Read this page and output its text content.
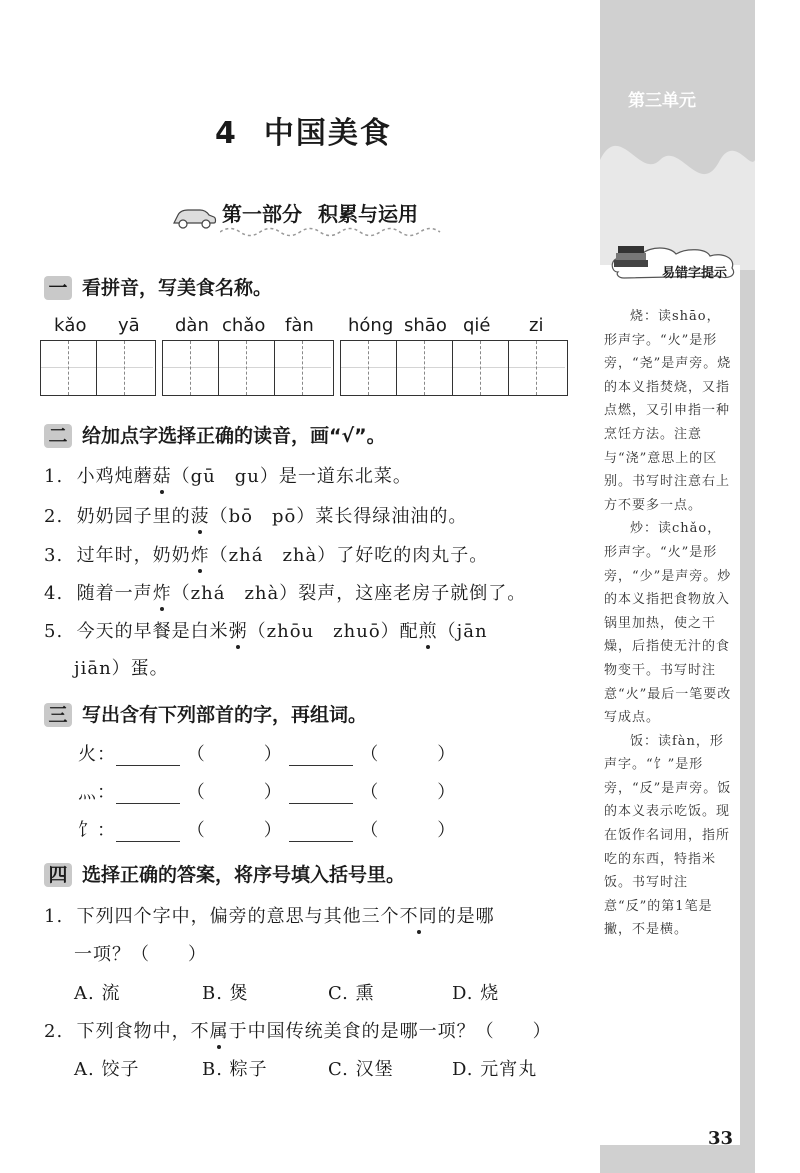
第三单元
易错字提示

烧：读shāo，形声字。“火”是形旁，“尧”是声旁。烧的本义指焚烧，又指点燃，又引申指一种烹饪方法。注意与“浇”意思上的区别。书写时注意右上方不要多一点。

炒：读chǎo，形声字。“火”是形旁，“少”是声旁。炒的本义指把食物放入锅里加热，使之干燥，后指使无汁的食物变干。书写时注意“火”最后一笔要改写成点。

饭：读fàn，形声字。“饣”是形旁，“反”是声旁。饭的本义表示吃饭。现在饭作名词用，指所吃的东西，特指米饭。书写时注意“反”的第1笔是撇，不是横。

33
4 中国美食
第一部分 积累与运用
一 看拼音，写美食名称。
kǎo yā dàn chǎo fàn hóng shāo qié zi
二 给加点字选择正确的读音，画“√”。
1. 小鸡炖蘑菇（gū　gu）是一道东北菜。
2. 奶奶园子里的菠（bō　pō）菜长得绿油油的。
3. 过年时，奶奶炸（zhá　zhà）了好吃的肉丸子。
4. 随着一声炸（zhá　zhà）裂声，这座老房子就倒了。
5. 今天的早餐是白米粥（zhōu　zhuō）配煎（jān
jiān）蛋。
三 写出含有下列部首的字，再组词。
火：	（	）	（	）
灬：	（	）	（	）
饣：	（	）	（	）
四 选择正确的答案，将序号填入括号里。
1. 下列四个字中，偏旁的意思与其他三个不同的是哪
一项？（　　）
A. 流	B. 煲	C. 熏	D. 烧
2. 下列食物中，不属于中国传统美食的是哪一项？（　　）
A. 饺子	B. 粽子	C. 汉堡	D. 元宵丸
